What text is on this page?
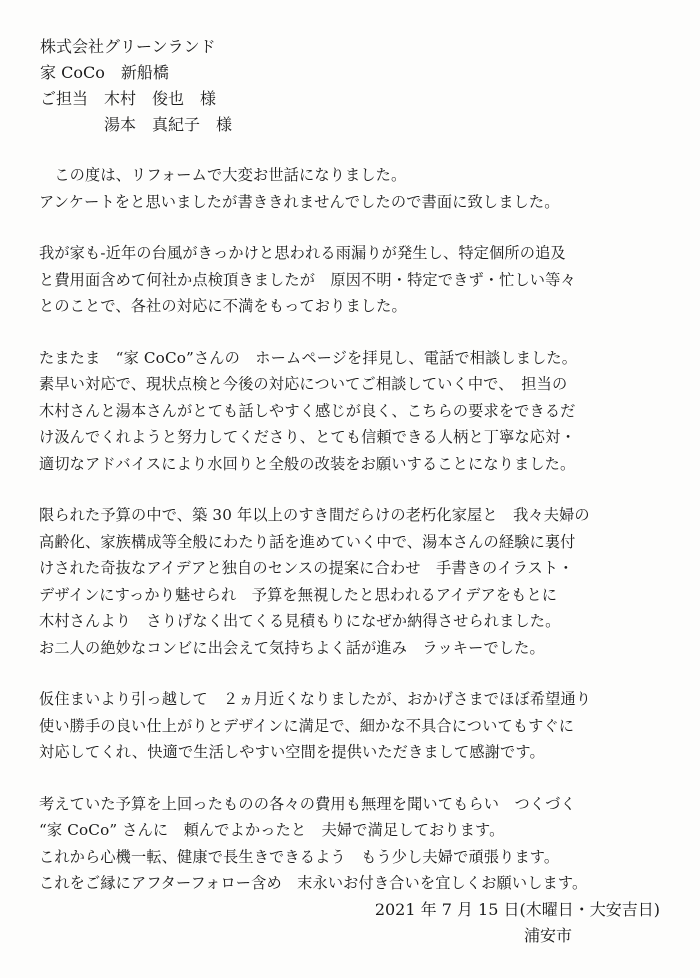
株式会社グリーンランド
家 CoCo　新船橋
ご担当　木村　俊也　様
　　　　湯本　真紀子　様
　この度は、リフォームで大変お世話になりました。
アンケートをと思いましたが書ききれませんでしたので書面に致しました。
我が家も‐近年の台風がきっかけと思われる雨漏りが発生し、特定個所の追及
と費用面含めて何社か点検頂きましたが　原因不明・特定できず・忙しい等々
とのことで、各社の対応に不満をもっておりました。
たまたま　“家 CoCo”さんの　ホームページを拝見し、電話で相談しました。
素早い対応で、現状点検と今後の対応についてご相談していく中で、　担当の
木村さんと湯本さんがとても話しやすく感じが良く、こちらの要求をできるだ
け汲んでくれようと努力してくださり、とても信頼できる人柄と丁寧な応対・
適切なアドバイスにより水回りと全般の改装をお願いすることになりました。
限られた予算の中で、築 30 年以上のすき間だらけの老朽化家屋と　我々夫婦の
高齢化、家族構成等全般にわたり話を進めていく中で、湯本さんの経験に裏付
けされた奇抜なアイデアと独自のセンスの提案に合わせ　手書きのイラスト・
デザインにすっかり魅せられ　予算を無視したと思われるアイデアをもとに
木村さんより　さりげなく出てくる見積もりになぜか納得させられました。
お二人の絶妙なコンビに出会えて気持ちよく話が進み　ラッキーでした。
仮住まいより引っ越して　２ヵ月近くなりましたが、おかげさまでほぼ希望通り
使い勝手の良い仕上がりとデザインに満足で、細かな不具合についてもすぐに
対応してくれ、快適で生活しやすい空間を提供いただきまして感謝です。
考えていた予算を上回ったものの各々の費用も無理を聞いてもらい　つくづく
“家 CoCo” さんに　頼んでよかったと　夫婦で満足しております。
これから心機一転、健康で長生きできるよう　もう少し夫婦で頑張ります。
これをご縁にアフターフォロー含め　末永いお付き合いを宜しくお願いします。
2021 年 7 月 15 日(木曜日・大安吉日)
浦安市
